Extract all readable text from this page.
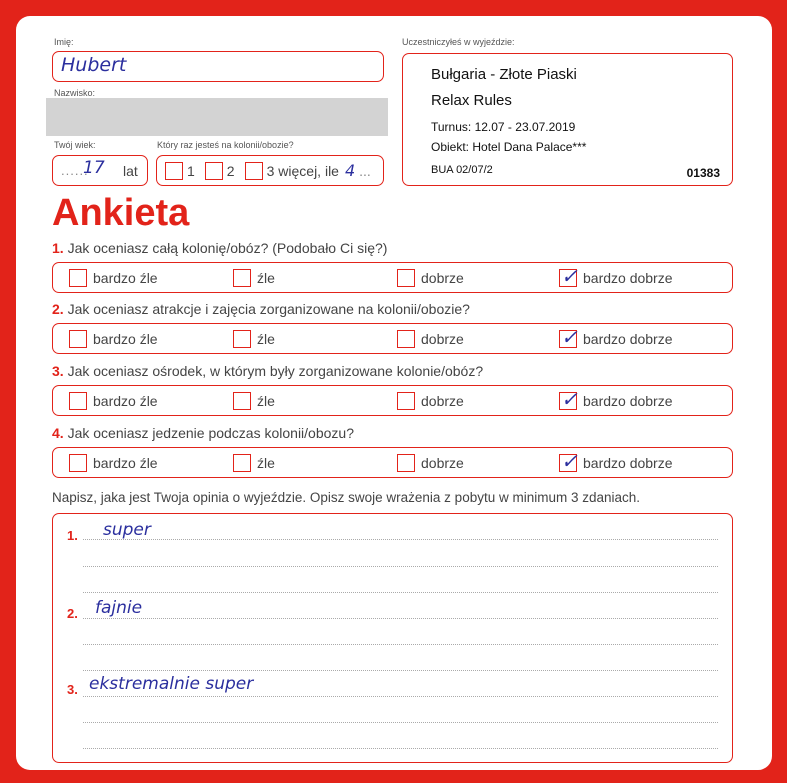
Imię:
Hubert
Nazwisko:
Twój wiek:
......
17 lat
Który raz jesteś na kolonii/obozie?
1 2 3 więcej, ile 4 ...
Uczestniczyłeś w wyjeździe:
Bułgaria - Złote Piaski
Relax Rules
Turnus: 12.07 - 23.07.2019
Obiekt: Hotel Dana Palace***
BUA 02/07/2	01383
Ankieta
1. Jak oceniasz całą kolonię/obóz? (Podobało Ci się?)
bardzo źle	źle	dobrze ✓	bardzo dobrze
2. Jak oceniasz atrakcje i zajęcia zorganizowane na kolonii/obozie?
bardzo źle	źle	dobrze ✓	bardzo dobrze
3. Jak oceniasz ośrodek, w którym były zorganizowane kolonie/obóz?
bardzo źle	źle	dobrze ✓	bardzo dobrze
4. Jak oceniasz jedzenie podczas kolonii/obozu?
bardzo źle	źle	dobrze ✓	bardzo dobrze
Napisz, jaka jest Twoja opinia o wyjeździe. Opisz swoje wrażenia z pobytu w minimum 3 zdaniach.
1. super
2. fajnie
3. ekstremalnie super
